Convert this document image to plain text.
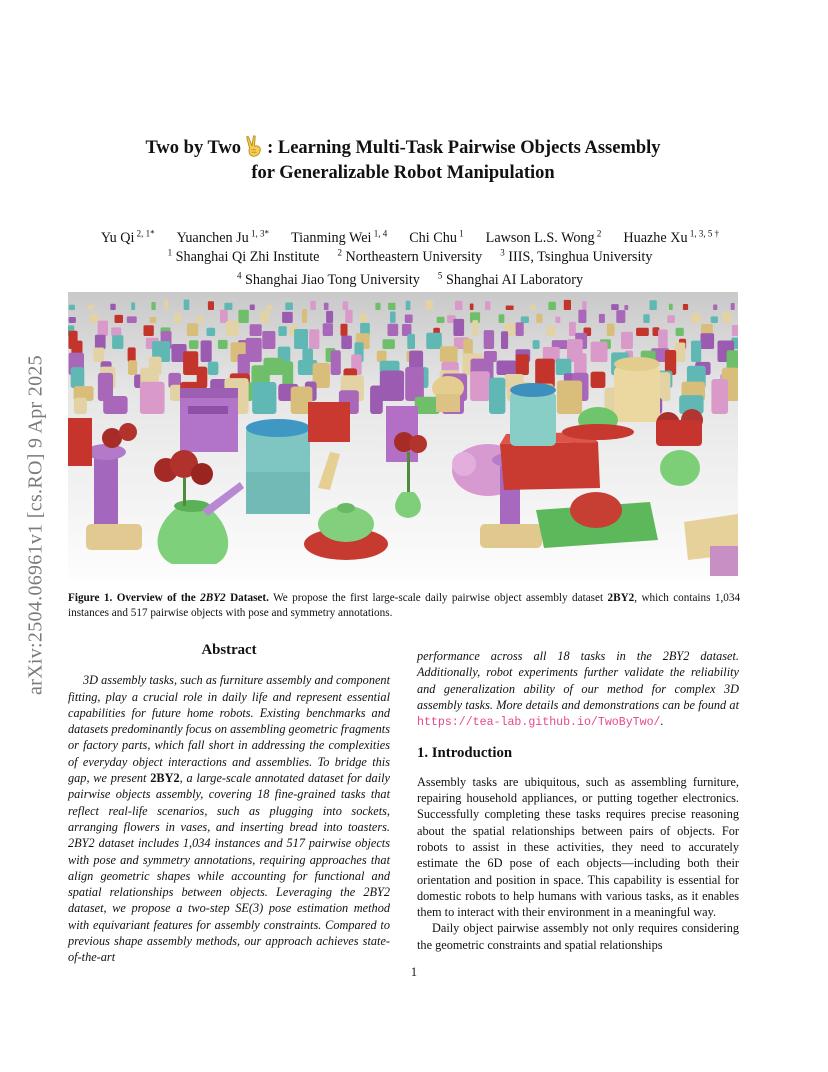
arXiv:2504.06961v1 [cs.RO] 9 Apr 2025
Two by Two : Learning Multi-Task Pairwise Objects Assembly
for Generalizable Robot Manipulation
Yu Qi $^{2, 1*}$ Yuanchen Ju $^{1, 3*}$ Tianming Wei $^{1, 4}$ Chi Chu $^1$ Lawson L.S. Wong $^2$ Huazhe Xu $^{1, 3, 5 \dagger}$
$^1$ Shanghai Qi Zhi Institute $^2$ Northeastern University $^3$ IIIS, Tsinghua University
$^4$ Shanghai Jiao Tong University $^5$ Shanghai AI Laboratory
Figure 1. Overview of the 2BY2 Dataset. We propose the first large-scale daily pairwise object assembly dataset 2BY2, which contains 1,034 instances and 517 pairwise objects with pose and symmetry annotations.
Abstract

3D assembly tasks, such as furniture assembly and component fitting, play a crucial role in daily life and represent essential capabilities for future home robots. Existing benchmarks and datasets predominantly focus on assembling geometric fragments or factory parts, which fall short in addressing the complexities of everyday object interactions and assemblies. To bridge this gap, we present 2BY2, a large-scale annotated dataset for daily pairwise objects assembly, covering 18 fine-grained tasks that reflect real-life scenarios, such as plugging into sockets, arranging flowers in vases, and inserting bread into toasters. 2BY2 dataset includes 1,034 instances and 517 pairwise objects with pose and symmetry annotations, requiring approaches that align geometric shapes while accounting for functional and spatial relationships between objects. Leveraging the 2BY2 dataset, we propose a two-step SE(3) pose estimation method with equivariant features for assembly constraints. Compared to previous shape assembly methods, our approach achieves state-of-the-art

performance across all 18 tasks in the 2BY2 dataset. Additionally, robot experiments further validate the reliability and generalization ability of our method for complex 3D assembly tasks. More details and demonstrations can be found at https://tea-lab.github.io/TwoByTwo/.

1. Introduction

Assembly tasks are ubiquitous, such as assembling furniture, repairing household appliances, or putting together electronics. Successfully completing these tasks requires precise reasoning about the spatial relationships between pairs of objects. For robots to assist in these activities, they need to accurately estimate the 6D pose of each objects—including both their orientation and position in space. This capability is essential for domestic robots to help humans with various tasks, as it enables them to interact with their environment in a meaningful way.

Daily object pairwise assembly not only requires considering the geometric constraints and spatial relationships

1
